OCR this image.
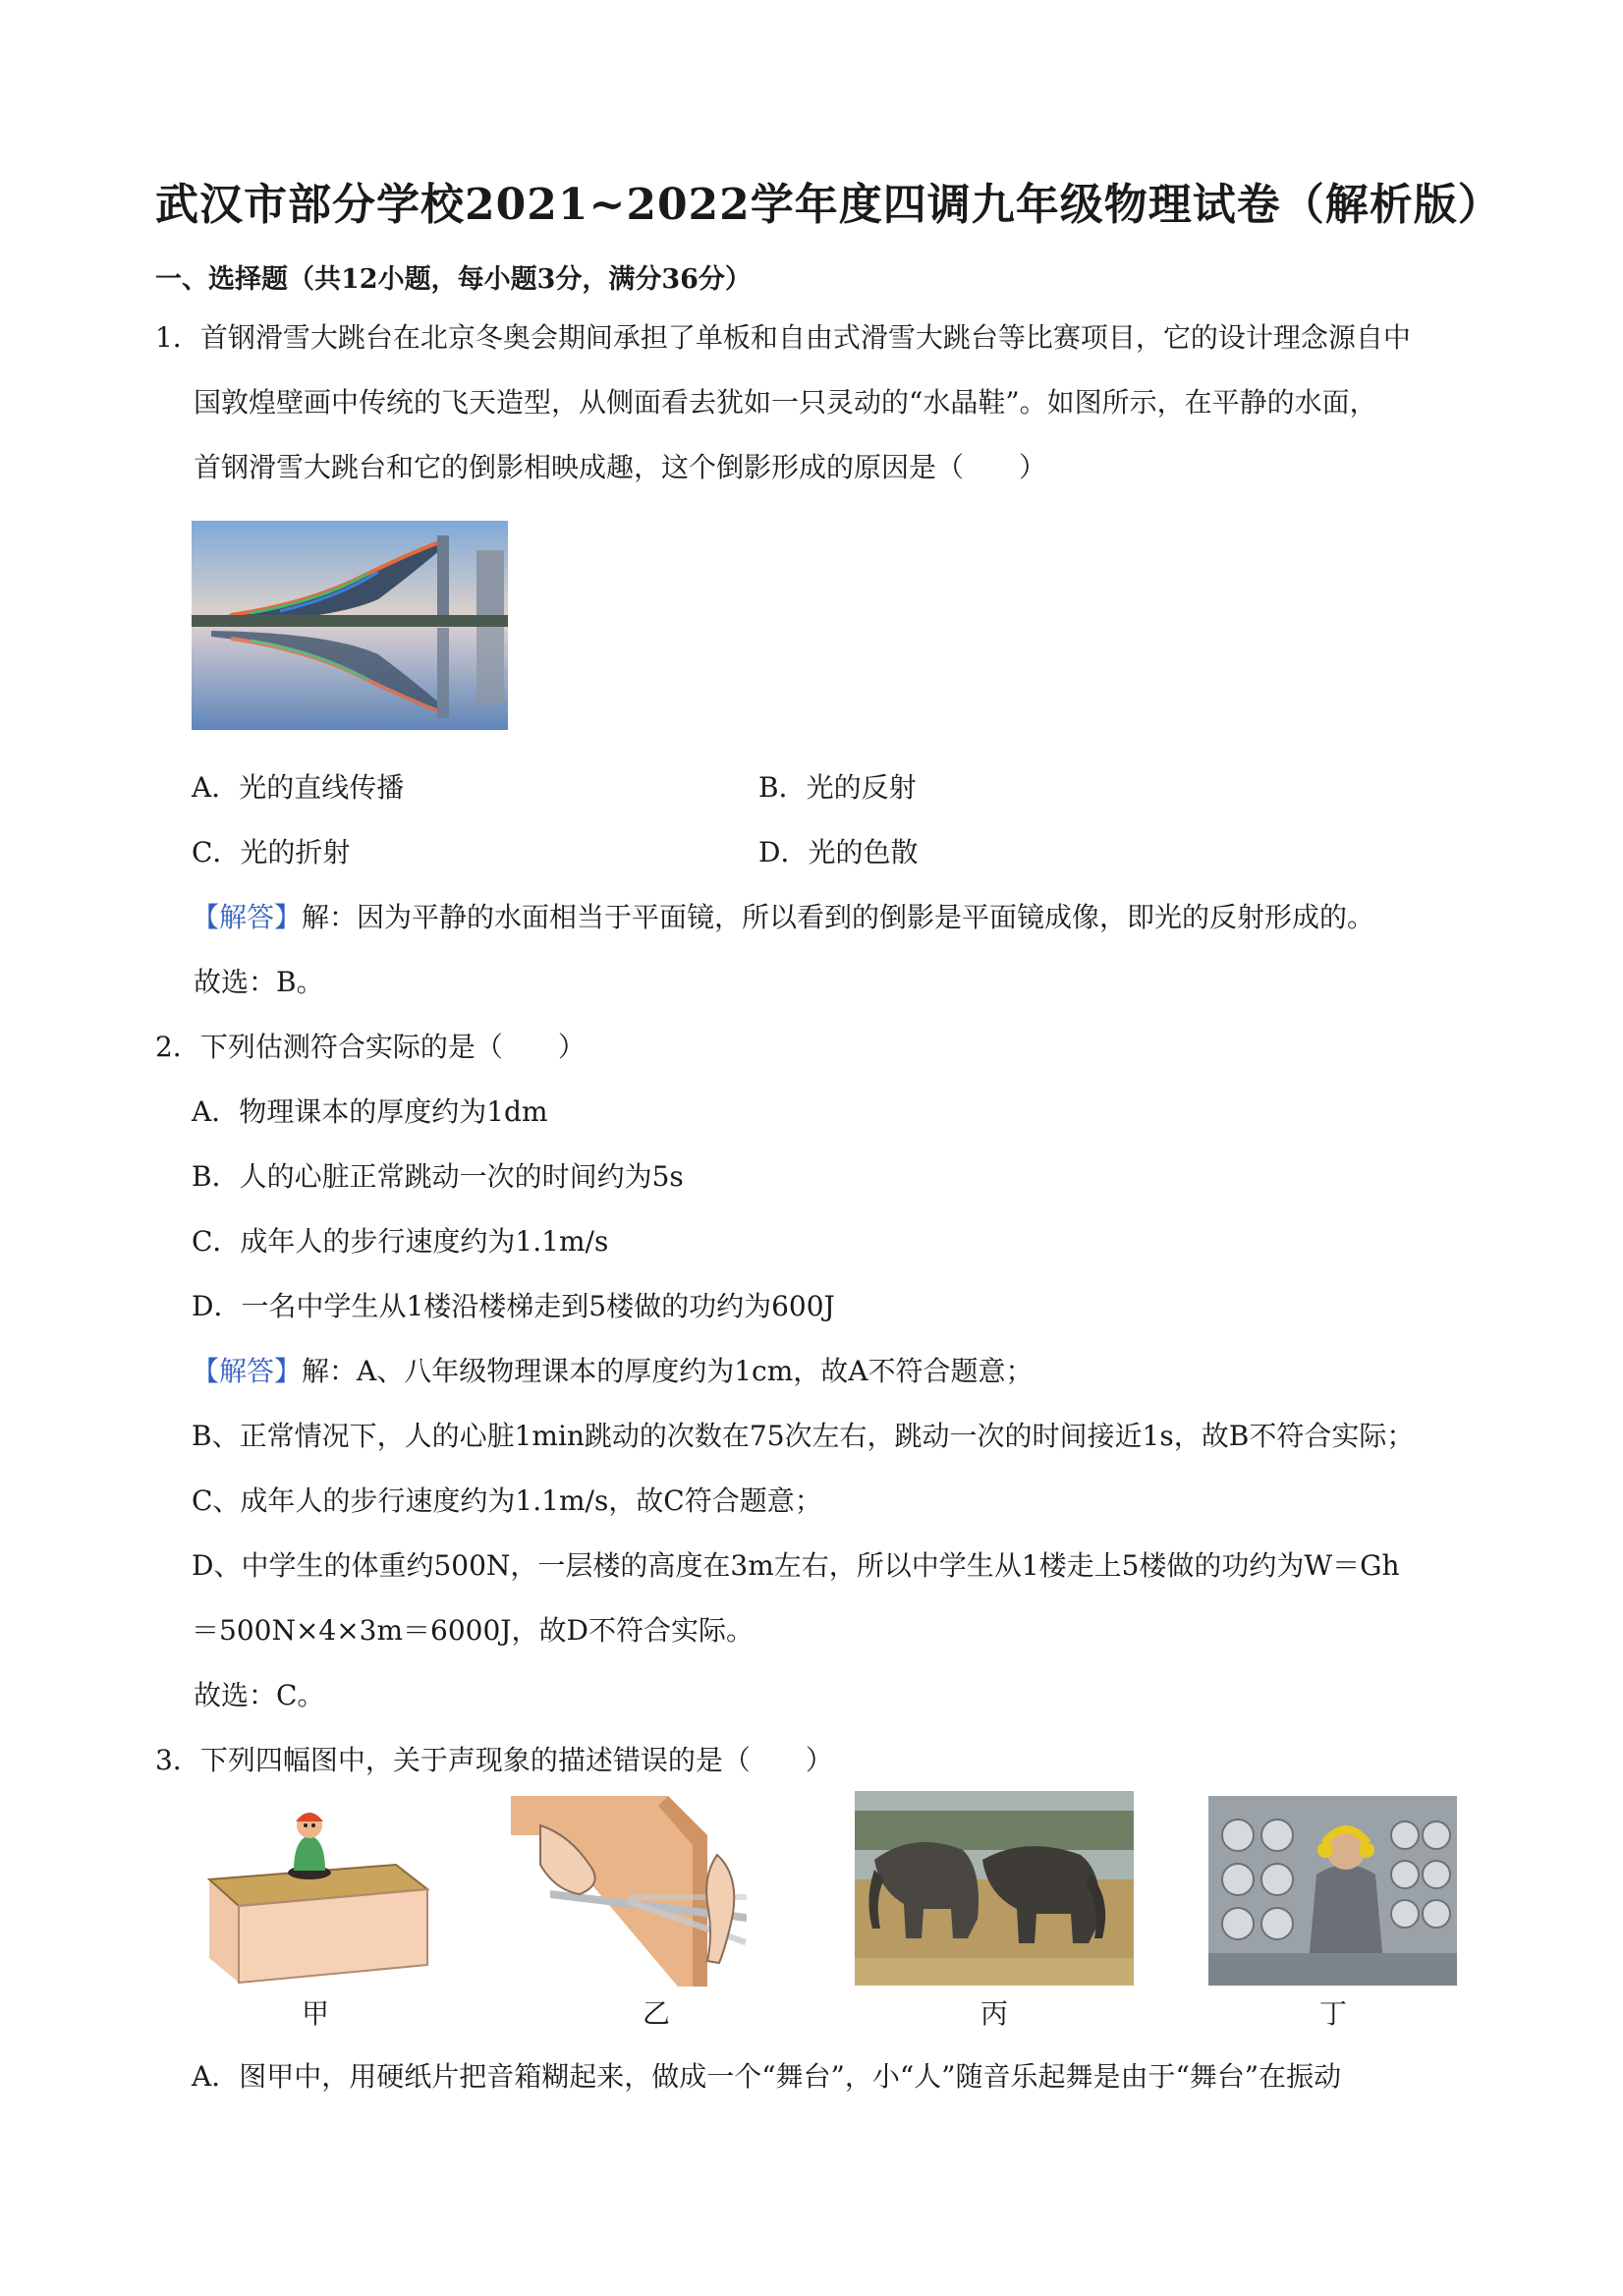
武汉市部分学校2021~2022学年度四调九年级物理试卷（解析版）
一、选择题（共12小题，每小题3分，满分36分）
1．首钢滑雪大跳台在北京冬奥会期间承担了单板和自由式滑雪大跳台等比赛项目，它的设计理念源自中
国敦煌壁画中传统的飞天造型，从侧面看去犹如一只灵动的“水晶鞋”。如图所示，在平静的水面，
首钢滑雪大跳台和它的倒影相映成趣，这个倒影形成的原因是（　　）
A．光的直线传播	B．光的反射
C．光的折射	D．光的色散
【解答】解：因为平静的水面相当于平面镜，所以看到的倒影是平面镜成像，即光的反射形成的。
故选：B。
2．下列估测符合实际的是（　　）
A．物理课本的厚度约为1dm
B．人的心脏正常跳动一次的时间约为5s
C．成年人的步行速度约为1.1m/s
D．一名中学生从1楼沿楼梯走到5楼做的功约为600J
【解答】解：A、八年级物理课本的厚度约为1cm，故A不符合题意；
B、正常情况下，人的心脏1min跳动的次数在75次左右，跳动一次的时间接近1s，故B不符合实际；
C、成年人的步行速度约为1.1m/s，故C符合题意；
D、中学生的体重约500N，一层楼的高度在3m左右，所以中学生从1楼走上5楼做的功约为W＝Gh
＝500N×4×3m＝6000J，故D不符合实际。
故选：C。
3．下列四幅图中，关于声现象的描述错误的是（　　）
甲	乙	丙	丁
A．图甲中，用硬纸片把音箱糊起来，做成一个“舞台”，小“人”随音乐起舞是由于“舞台”在振动
